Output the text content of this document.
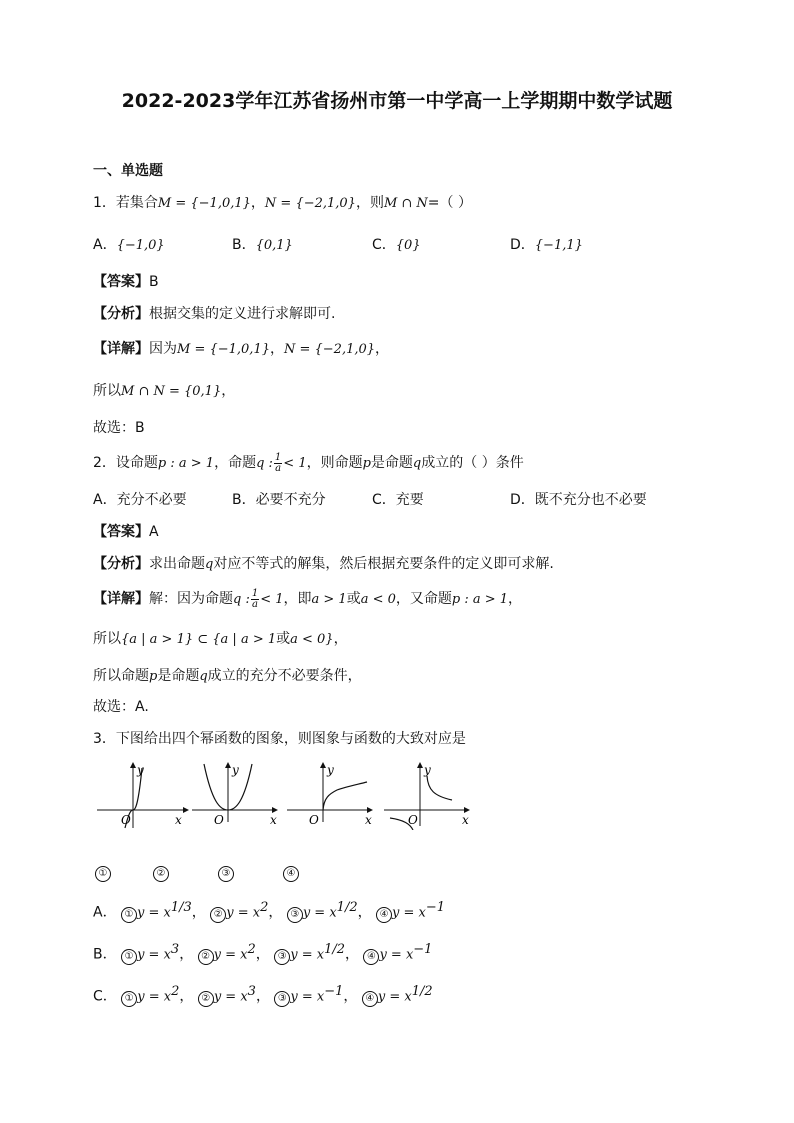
2022-2023学年江苏省扬州市第一中学高一上学期期中数学试题
一、单选题
1．若集合M = {−1,0,1}，N = {−2,1,0}，则M ∩ N=（ ）
A．{−1,0}	B．{0,1}	C．{0}	D．{−1,1}
【答案】B
【分析】根据交集的定义进行求解即可.
【详解】因为M = {−1,0,1}，N = {−2,1,0}，
所以M ∩ N = {0,1}，
故选：B
2．设命题p : a > 1，命题q : $\frac{1}{a} < 1$，则命题p是命题q成立的（ ）条件
A．充分不必要	B．必要不充分	C．充要	D．既不充分也不必要
【答案】A
【分析】求出命题q对应不等式的解集，然后根据充要条件的定义即可求解.
【详解】解：因为命题q : $\frac{1}{a} < 1$，即a > 1或a < 0，又命题p : a > 1，
所以{a | a > 1} ⊂ {a | a > 1或a < 0}，
所以命题p是命题q成立的充分不必要条件，
故选：A.
3．下图给出四个幂函数的图象，则图象与函数的大致对应是
y
x
O
y
x
O
y
x
O
y
x
O
①	②	③	④
A． ① $y = x^{1/3}$， ② $y = x^2$， ③ $y = x^{1/2}$， ④ $y = x^{-1}$
B． ① $y = x^3$， ② $y = x^2$， ③ $y = x^{1/2}$， ④ $y = x^{-1}$
C． ① $y = x^2$， ② $y = x^3$， ③ $y = x^{-1}$， ④ $y = x^{1/2}$
